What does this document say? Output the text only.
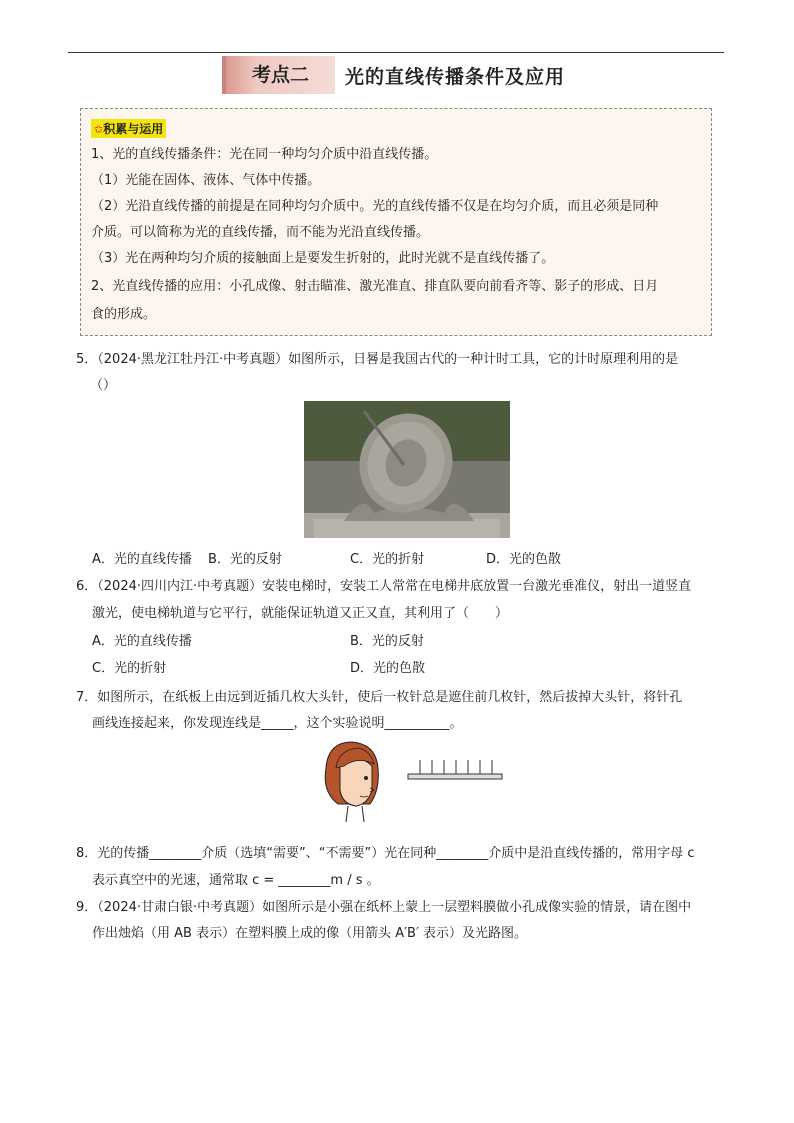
考点二	光的直线传播条件及应用
✩积累与运用
1、光的直线传播条件：光在同一种均匀介质中沿直线传播。
（1）光能在固体、液体、气体中传播。
（2）光沿直线传播的前提是在同种均匀介质中。光的直线传播不仅是在均匀介质，而且必须是同种
介质。可以简称为光的直线传播，而不能为光沿直线传播。
（3）光在两种均匀介质的接触面上是要发生折射的，此时光就不是直线传播了。
2、光直线传播的应用：小孔成像、射击瞄准、激光准直、排直队要向前看齐等、影子的形成、日月
食的形成。
5．（2024·黑龙江牡丹江·中考真题）如图所示，日晷是我国古代的一种计时工具，它的计时原理利用的是
（）
A．光的直线传播 B．光的反射	C．光的折射	D．光的色散
6．（2024·四川内江·中考真题）安装电梯时，安装工人常常在电梯井底放置一台激光垂准仪，射出一道竖直
激光，使电梯轨道与它平行，就能保证轨道又正又直，其利用了（　　）
A．光的直线传播	B．光的反射
C．光的折射	D．光的色散
7．如图所示，在纸板上由远到近插几枚大头针，使后一枚针总是遮住前几枚针，然后拔掉大头针，将针孔
画线连接起来，你发现连线是_____，这个实验说明__________。
8．光的传播________介质（选填“需要”、“不需要”）光在同种________介质中是沿直线传播的，常用字母 c
表示真空中的光速，通常取 c = ________m / s 。
9．（2024·甘肃白银·中考真题）如图所示是小强在纸杯上蒙上一层塑料膜做小孔成像实验的情景，请在图中
作出烛焰（用 AB 表示）在塑料膜上成的像（用箭头 A′B′ 表示）及光路图。
